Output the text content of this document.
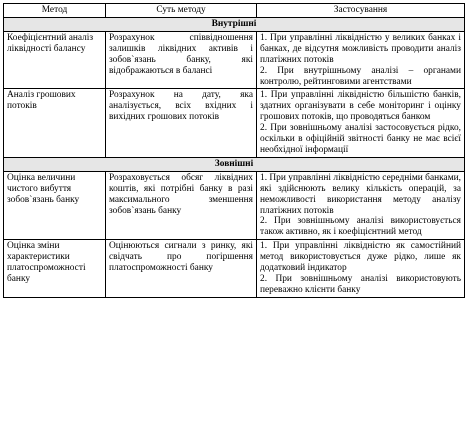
Метод	Суть методу	Застосування
Внутрішні		
Коефіцієнтний аналіз ліквідності балансу	Розрахунок співвідношення залишків ліквідних активів і зобов`язань банку, які відображаються в балансі	1. При управлінні ліквідністю у великих банках і банках, де відсутня можливість проводити аналіз платіжних потоків
2. При внутрішньому аналізі – органами контролю, рейтинговими агентствами

Аналіз грошових потоків	Розрахунок на дату, яка аналізується, всіх вхідних і вихідних грошових потоків	1. При управлінні ліквідністю більшістю банків, здатних організувати в себе моніторинг і оцінку грошових потоків, що проводяться банком
2. При зовнішньому аналізі застосовується рідко, оскільки в офіційній звітності банку не має всієї необхідної інформації

Зовнішні		
Оцінка величини чистого вибуття зобов`язань банку	Розраховується обсяг ліквідних коштів, які потрібні банку в разі максимального зменшення зобов`язань банку	1. При управлінні ліквідністю середніми банками, які здійснюють велику кількість операцій, за неможливості використання методу аналізу платіжних потоків
2. При зовнішньому аналізі використовується також активно, як і коефіцієнтний метод

Оцінка зміни характеристики платоспроможності банку	Оцінюються сигнали з ринку, які свідчать про погіршення платоспроможності банку	1. При управлінні ліквідністю як самостійний метод використовується дуже рідко, лише як додатковий індикатор
2. При зовнішньому аналізі використовують переважно клієнти банку
